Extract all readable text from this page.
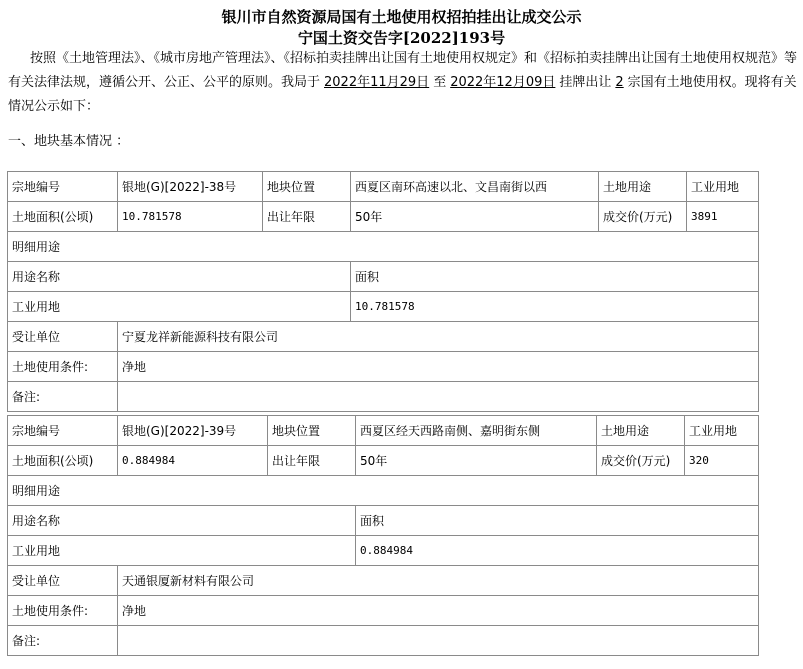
银川市自然资源局国有土地使用权招拍挂出让成交公示
宁国土资交告字[2022]193号
按照《土地管理法》、《城市房地产管理法》、《招标拍卖挂牌出让国有土地使用权规定》和《招标拍卖挂牌出让国有土地使用权规范》等有关法律法规，遵循公开、公正、公平的原则。我局于 2022年11月29日 至 2022年12月09日 挂牌出让 2 宗国有土地使用权。现将有关情况公示如下：
一、地块基本情况 ：
宗地编号	银地(G)[2022]-38号	地块位置	西夏区南环高速以北、文昌南街以西	土地用途	工业用地
土地面积(公顷)	10.781578	出让年限	50年	成交价(万元)	3891
明细用途					
用途名称			面积		
工业用地			10.781578		
受让单位	宁夏龙祥新能源科技有限公司				
土地使用条件:	净地				
备注:					
宗地编号	银地(G)[2022]-39号	地块位置	西夏区经天西路南侧、嘉明街东侧	土地用途	工业用地
土地面积(公顷)	0.884984	出让年限	50年	成交价(万元)	320
明细用途					
用途名称			面积		
工业用地			0.884984		
受让单位	天通银厦新材料有限公司				
土地使用条件:	净地				
备注:					
